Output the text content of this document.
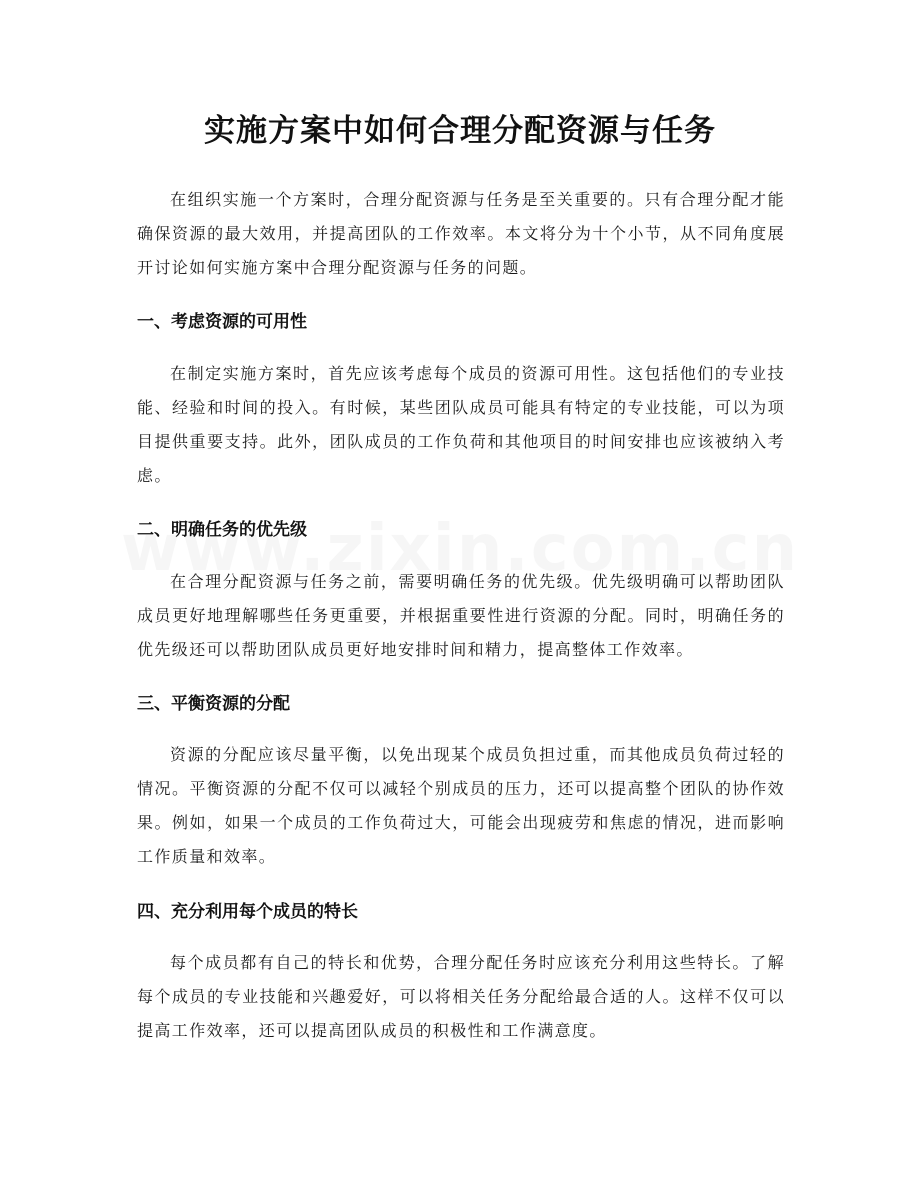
实施方案中如何合理分配资源与任务

在组织实施一个方案时，合理分配资源与任务是至关重要的。只有合理分配才能确保资源的最大效用，并提高团队的工作效率。本文将分为十个小节，从不同角度展开讨论如何实施方案中合理分配资源与任务的问题。

一、考虑资源的可用性

在制定实施方案时，首先应该考虑每个成员的资源可用性。这包括他们的专业技能、经验和时间的投入。有时候，某些团队成员可能具有特定的专业技能，可以为项目提供重要支持。此外，团队成员的工作负荷和其他项目的时间安排也应该被纳入考虑。

二、明确任务的优先级

在合理分配资源与任务之前，需要明确任务的优先级。优先级明确可以帮助团队成员更好地理解哪些任务更重要，并根据重要性进行资源的分配。同时，明确任务的优先级还可以帮助团队成员更好地安排时间和精力，提高整体工作效率。

三、平衡资源的分配

资源的分配应该尽量平衡，以免出现某个成员负担过重，而其他成员负荷过轻的情况。平衡资源的分配不仅可以减轻个别成员的压力，还可以提高整个团队的协作效果。例如，如果一个成员的工作负荷过大，可能会出现疲劳和焦虑的情况，进而影响工作质量和效率。

四、充分利用每个成员的特长

每个成员都有自己的特长和优势，合理分配任务时应该充分利用这些特长。了解每个成员的专业技能和兴趣爱好，可以将相关任务分配给最合适的人。这样不仅可以提高工作效率，还可以提高团队成员的积极性和工作满意度。
